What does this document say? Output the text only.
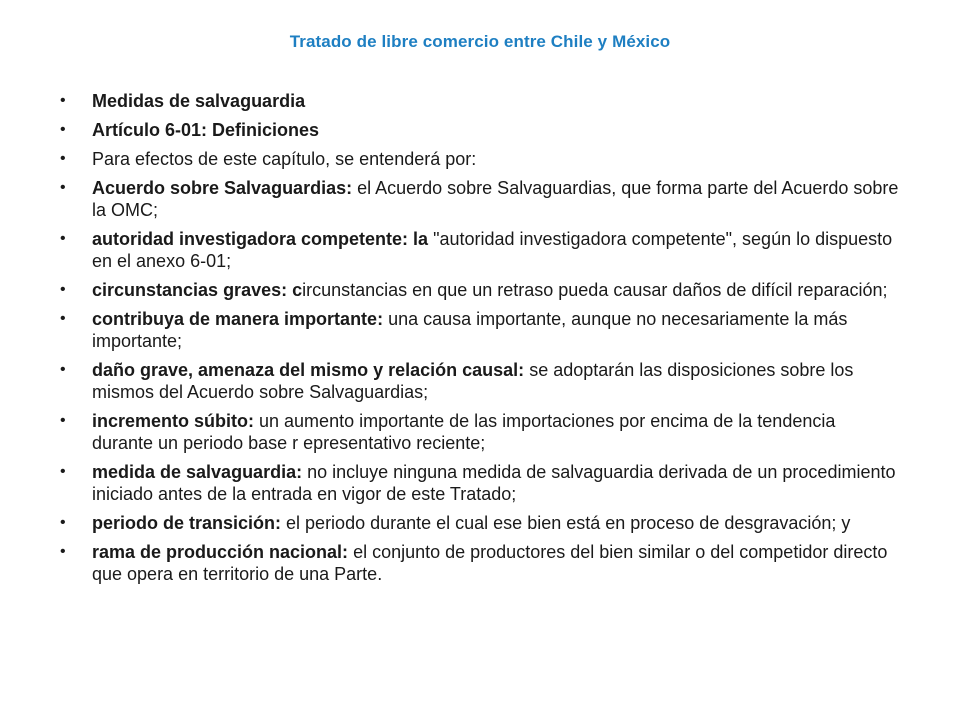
Tratado de libre comercio entre Chile y México
• Medidas de salvaguardia
• Artículo 6-01: Definiciones
• Para efectos de este capítulo, se entenderá por:
• Acuerdo sobre Salvaguardias: el Acuerdo sobre Salvaguardias, que forma parte del Acuerdo sobre la OMC;
• autoridad investigadora competente: la "autoridad investigadora competente", según lo dispuesto en el anexo 6-01;
• circunstancias graves: circunstancias en que un retraso pueda causar daños de difícil reparación;
• contribuya de manera importante: una causa importante, aunque no necesariamente la más importante;
• daño grave, amenaza del mismo y relación causal: se adoptarán las disposiciones sobre los mismos del Acuerdo sobre Salvaguardias;
• incremento súbito: un aumento importante de las importaciones por encima de la tendencia durante un periodo base r epresentativo reciente;
• medida de salvaguardia: no incluye ninguna medida de salvaguardia derivada de un procedimiento iniciado antes de la entrada en vigor de este Tratado;
• periodo de transición: el periodo durante el cual ese bien está en proceso de desgravación; y
• rama de producción nacional: el conjunto de productores del bien similar o del competidor directo que opera en territorio de una Parte.
